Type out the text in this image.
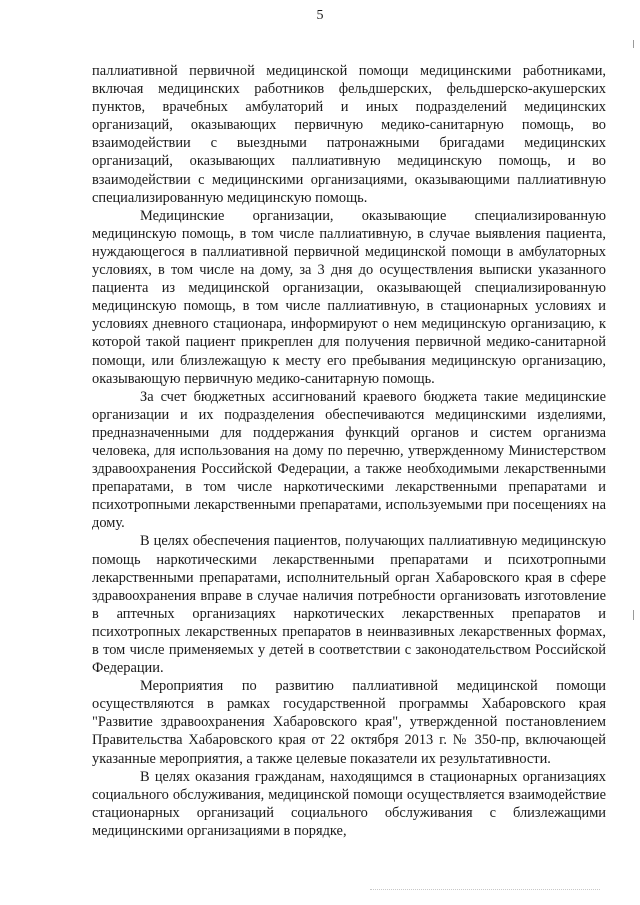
5

паллиативной первичной медицинской помощи медицинскими работниками, включая медицинских работников фельдшерских, фельдшерско-акушерских пунктов, врачебных амбулаторий и иных подразделений медицинских организаций, оказывающих первичную медико-санитарную помощь, во взаимодействии с выездными патронажными бригадами медицинских организаций, оказывающих паллиативную медицинскую помощь, и во взаимодействии с медицинскими организациями, оказывающими паллиативную специализированную медицинскую помощь.

Медицинские организации, оказывающие специализированную медицинскую помощь, в том числе паллиативную, в случае выявления пациента, нуждающегося в паллиативной первичной медицинской помощи в амбулаторных условиях, в том числе на дому, за 3 дня до осуществления выписки указанного пациента из медицинской организации, оказывающей специализированную медицинскую помощь, в том числе паллиативную, в стационарных условиях и условиях дневного стационара, информируют о нем медицинскую организацию, к которой такой пациент прикреплен для получения первичной медико-санитарной помощи, или близлежащую к месту его пребывания медицинскую организацию, оказывающую первичную медико-санитарную помощь.

За счет бюджетных ассигнований краевого бюджета такие медицинские организации и их подразделения обеспечиваются медицинскими изделиями, предназначенными для поддержания функций органов и систем организма человека, для использования на дому по перечню, утвержденному Министерством здравоохранения Российской Федерации, а также необходимыми лекарственными препаратами, в том числе наркотическими лекарственными препаратами и психотропными лекарственными препаратами, используемыми при посещениях на дому.

В целях обеспечения пациентов, получающих паллиативную медицинскую помощь наркотическими лекарственными препаратами и психотропными лекарственными препаратами, исполнительный орган Хабаровского края в сфере здравоохранения вправе в случае наличия потребности организовать изготовление в аптечных организациях наркотических лекарственных препаратов и психотропных лекарственных препаратов в неинвазивных лекарственных формах, в том числе применяемых у детей в соответствии с законодательством Российской Федерации.

Мероприятия по развитию паллиативной медицинской помощи осуществляются в рамках государственной программы Хабаровского края "Развитие здравоохранения Хабаровского края", утвержденной постановлением Правительства Хабаровского края от 22 октября 2013 г. № 350-пр, включающей указанные мероприятия, а также целевые показатели их результативности.

В целях оказания гражданам, находящимся в стационарных организациях социального обслуживания, медицинской помощи осуществляется взаимодействие стационарных организаций социального обслуживания с близлежащими медицинскими организациями в порядке,
